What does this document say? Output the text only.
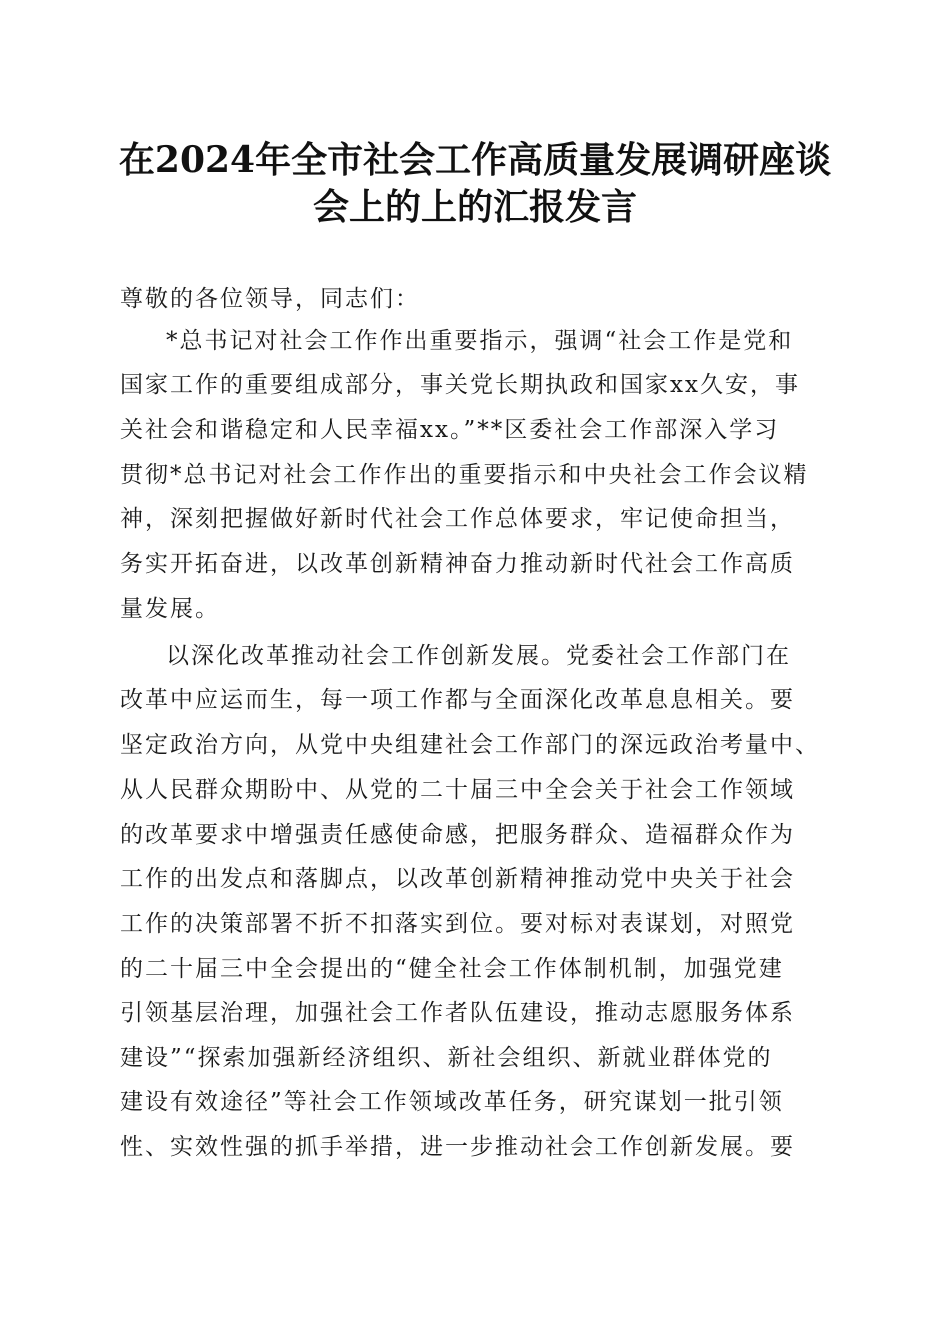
在2024年全市社会工作高质量发展调研座谈
会上的上的汇报发言
尊敬的各位领导，同志们：
*总书记对社会工作作出重要指示，强调“社会工作是党和
国家工作的重要组成部分，事关党长期执政和国家xx久安，事
关社会和谐稳定和人民幸福xx。”**区委社会工作部深入学习
贯彻*总书记对社会工作作出的重要指示和中央社会工作会议精
神，深刻把握做好新时代社会工作总体要求，牢记使命担当，
务实开拓奋进，以改革创新精神奋力推动新时代社会工作高质
量发展。
以深化改革推动社会工作创新发展。党委社会工作部门在
改革中应运而生，每一项工作都与全面深化改革息息相关。要
坚定政治方向，从党中央组建社会工作部门的深远政治考量中、
从人民群众期盼中、从党的二十届三中全会关于社会工作领域
的改革要求中增强责任感使命感，把服务群众、造福群众作为
工作的出发点和落脚点，以改革创新精神推动党中央关于社会
工作的决策部署不折不扣落实到位。要对标对表谋划，对照党
的二十届三中全会提出的“健全社会工作体制机制，加强党建
引领基层治理，加强社会工作者队伍建设，推动志愿服务体系
建设”“探索加强新经济组织、新社会组织、新就业群体党的
建设有效途径”等社会工作领域改革任务，研究谋划一批引领
性、实效性强的抓手举措，进一步推动社会工作创新发展。要
